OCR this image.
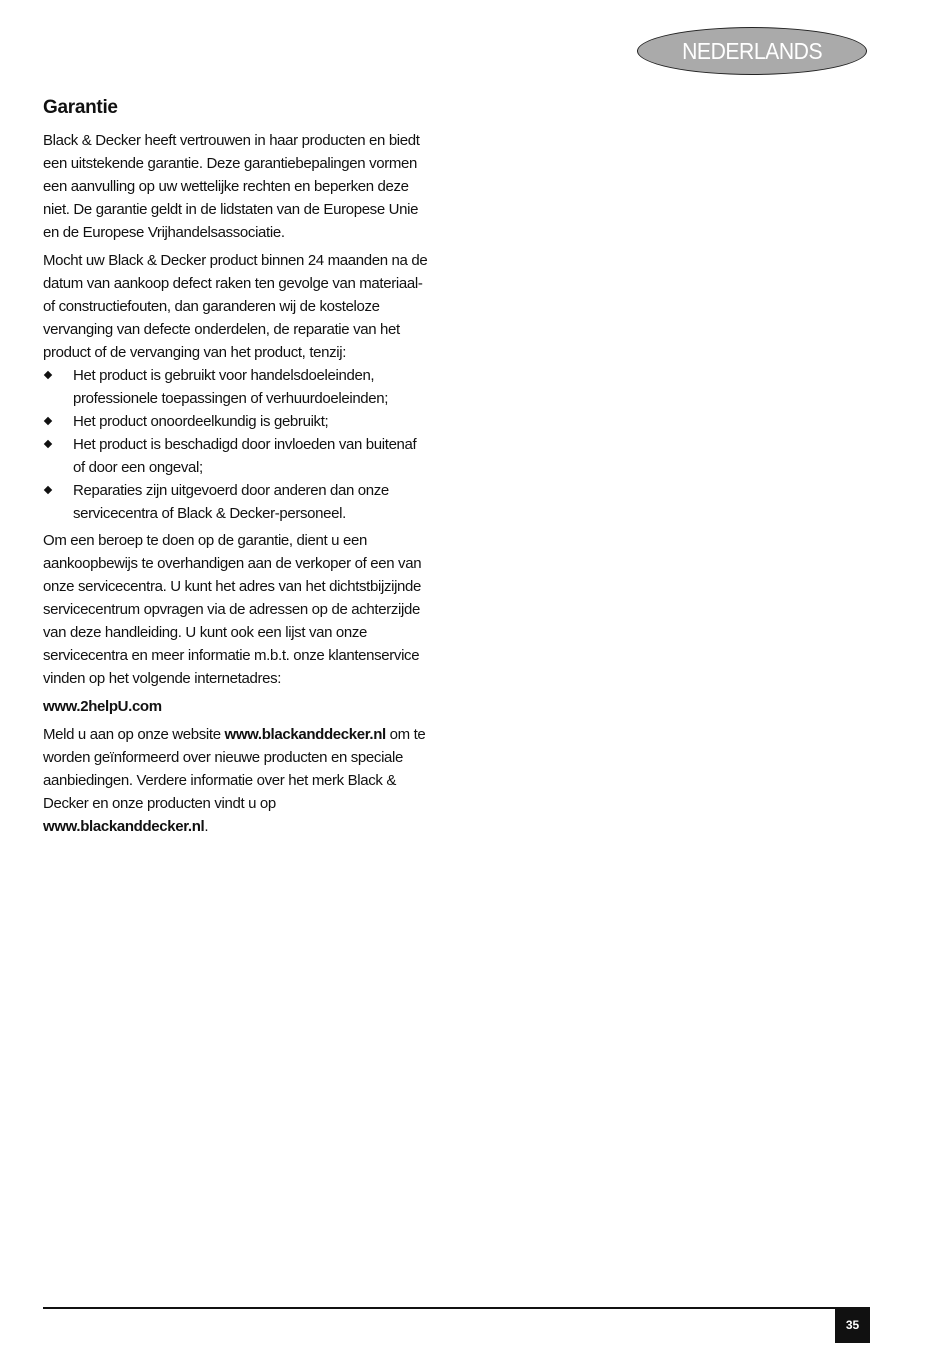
NEDERLANDS
Garantie

Black & Decker heeft vertrouwen in haar producten en biedt
een uitstekende garantie. Deze garantiebepalingen vormen
een aanvulling op uw wettelijke rechten en beperken deze
niet. De garantie geldt in de lidstaten van de Europese Unie
en de Europese Vrijhandelsassociatie.

Mocht uw Black & Decker product binnen 24 maanden na de
datum van aankoop defect raken ten gevolge van materiaal-
of constructiefouten, dan garanderen wij de kosteloze
vervanging van defecte onderdelen, de reparatie van het
product of de vervanging van het product, tenzij:

Het product is gebruikt voor handelsdoeleinden,
professionele toepassingen of verhuurdoeleinden;
Het product onoordeelkundig is gebruikt;
Het product is beschadigd door invloeden van buitenaf
of door een ongeval;
Reparaties zijn uitgevoerd door anderen dan onze
servicecentra of Black & Decker-personeel.

Om een beroep te doen op de garantie, dient u een
aankoopbewijs te overhandigen aan de verkoper of een van
onze servicecentra. U kunt het adres van het dichtstbijzijnde
servicecentrum opvragen via de adressen op de achterzijde
van deze handleiding. U kunt ook een lijst van onze
servicecentra en meer informatie m.b.t. onze klantenservice
vinden op het volgende internetadres:

www.2helpU.com

Meld u aan op onze website www.blackanddecker.nl om te
worden geïnformeerd over nieuwe producten en speciale
aanbiedingen. Verdere informatie over het merk Black &
Decker en onze producten vindt u op
www.blackanddecker.nl.

35
